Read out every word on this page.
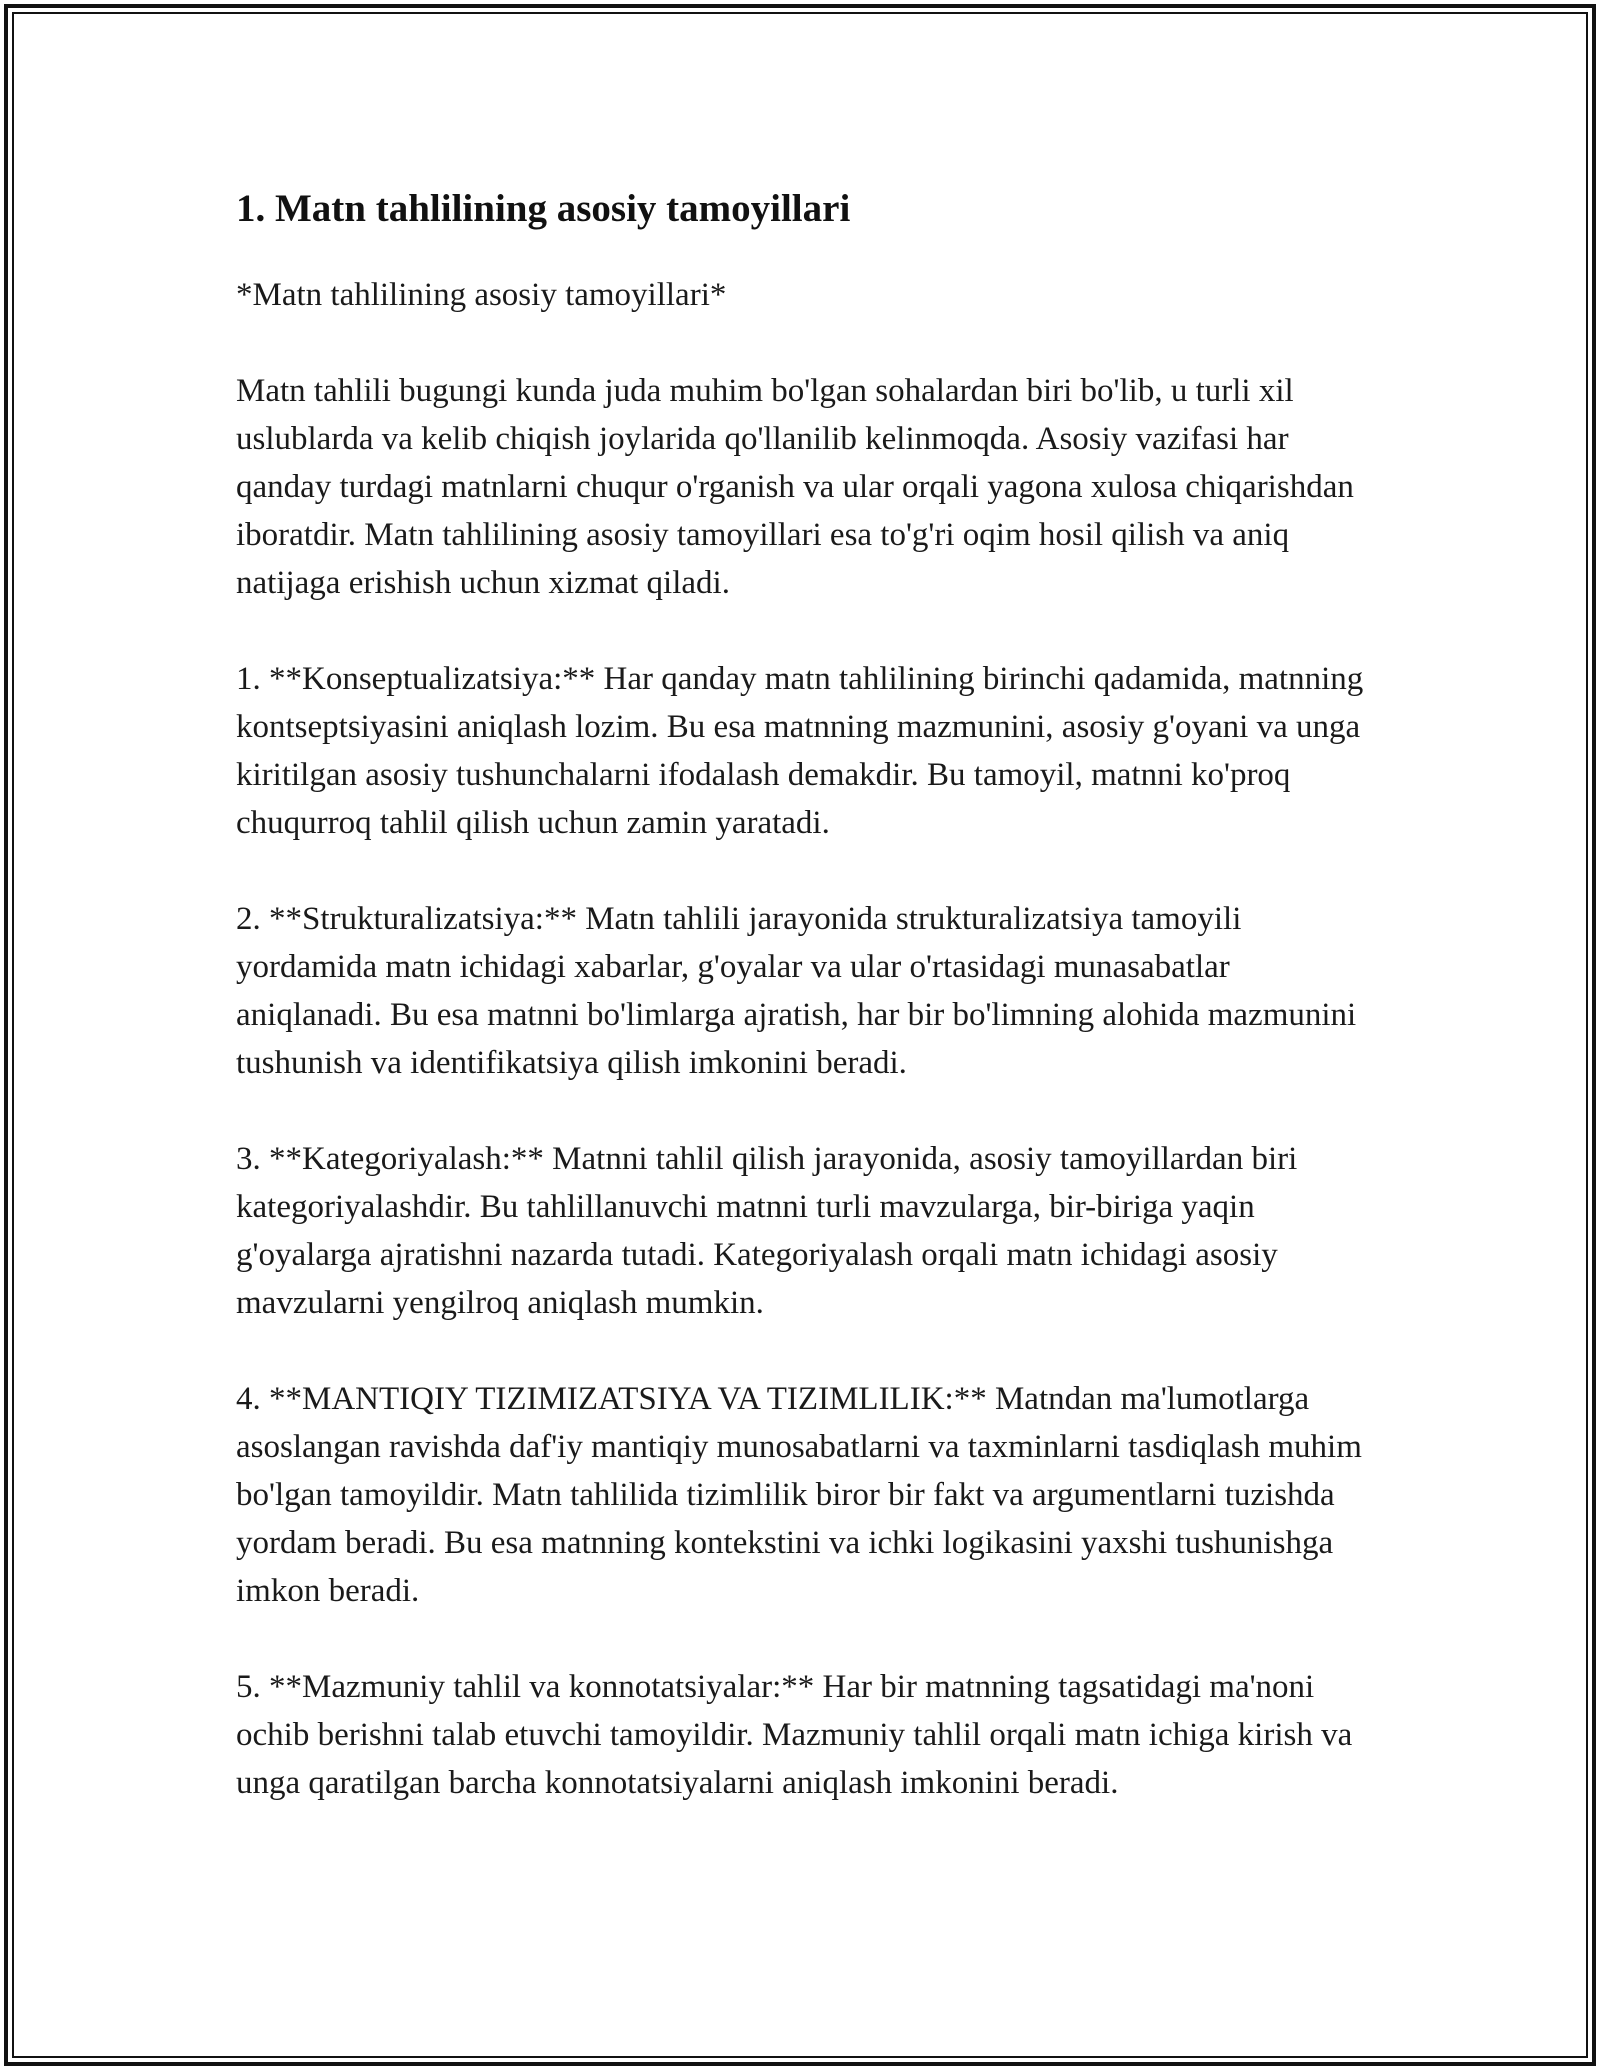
1. Matn tahlilining asosiy tamoyillari

*Matn tahlilining asosiy tamoyillari*

Matn tahlili bugungi kunda juda muhim bo'lgan sohalardan biri bo'lib, u turli xil uslublarda va kelib chiqish joylarida qo'llanilib kelinmoqda. Asosiy vazifasi har qanday turdagi matnlarni chuqur o'rganish va ular orqali yagona xulosa chiqarishdan iboratdir. Matn tahlilining asosiy tamoyillari esa to'g'ri oqim hosil qilish va aniq natijaga erishish uchun xizmat qiladi.

1. **Konseptualizatsiya:** Har qanday matn tahlilining birinchi qadamida, matnning kontseptsiyasini aniqlash lozim. Bu esa matnning mazmunini, asosiy g'oyani va unga kiritilgan asosiy tushunchalarni ifodalash demakdir. Bu tamoyil, matnni ko'proq chuqurroq tahlil qilish uchun zamin yaratadi.

2. **Strukturalizatsiya:** Matn tahlili jarayonida strukturalizatsiya tamoyili yordamida matn ichidagi xabarlar, g'oyalar va ular o'rtasidagi munasabatlar aniqlanadi. Bu esa matnni bo'limlarga ajratish, har bir bo'limning alohida mazmunini tushunish va identifikatsiya qilish imkonini beradi.

3. **Kategoriyalash:** Matnni tahlil qilish jarayonida, asosiy tamoyillardan biri kategoriyalashdir. Bu tahlillanuvchi matnni turli mavzularga, bir-biriga yaqin g'oyalarga ajratishni nazarda tutadi. Kategoriyalash orqali matn ichidagi asosiy mavzularni yengilroq aniqlash mumkin.

4. **MANTIQIY TIZIMIZATSIYA VA TIZIMLILIK:** Matndan ma'lumotlarga asoslangan ravishda daf'iy mantiqiy munosabatlarni va taxminlarni tasdiqlash muhim bo'lgan tamoyildir. Matn tahlilida tizimlilik biror bir fakt va argumentlarni tuzishda yordam beradi. Bu esa matnning kontekstini va ichki logikasini yaxshi tushunishga imkon beradi.

5. **Mazmuniy tahlil va konnotatsiyalar:** Har bir matnning tagsatidagi ma'noni ochib berishni talab etuvchi tamoyildir. Mazmuniy tahlil orqali matn ichiga kirish va unga qaratilgan barcha konnotatsiyalarni aniqlash imkonini beradi.
